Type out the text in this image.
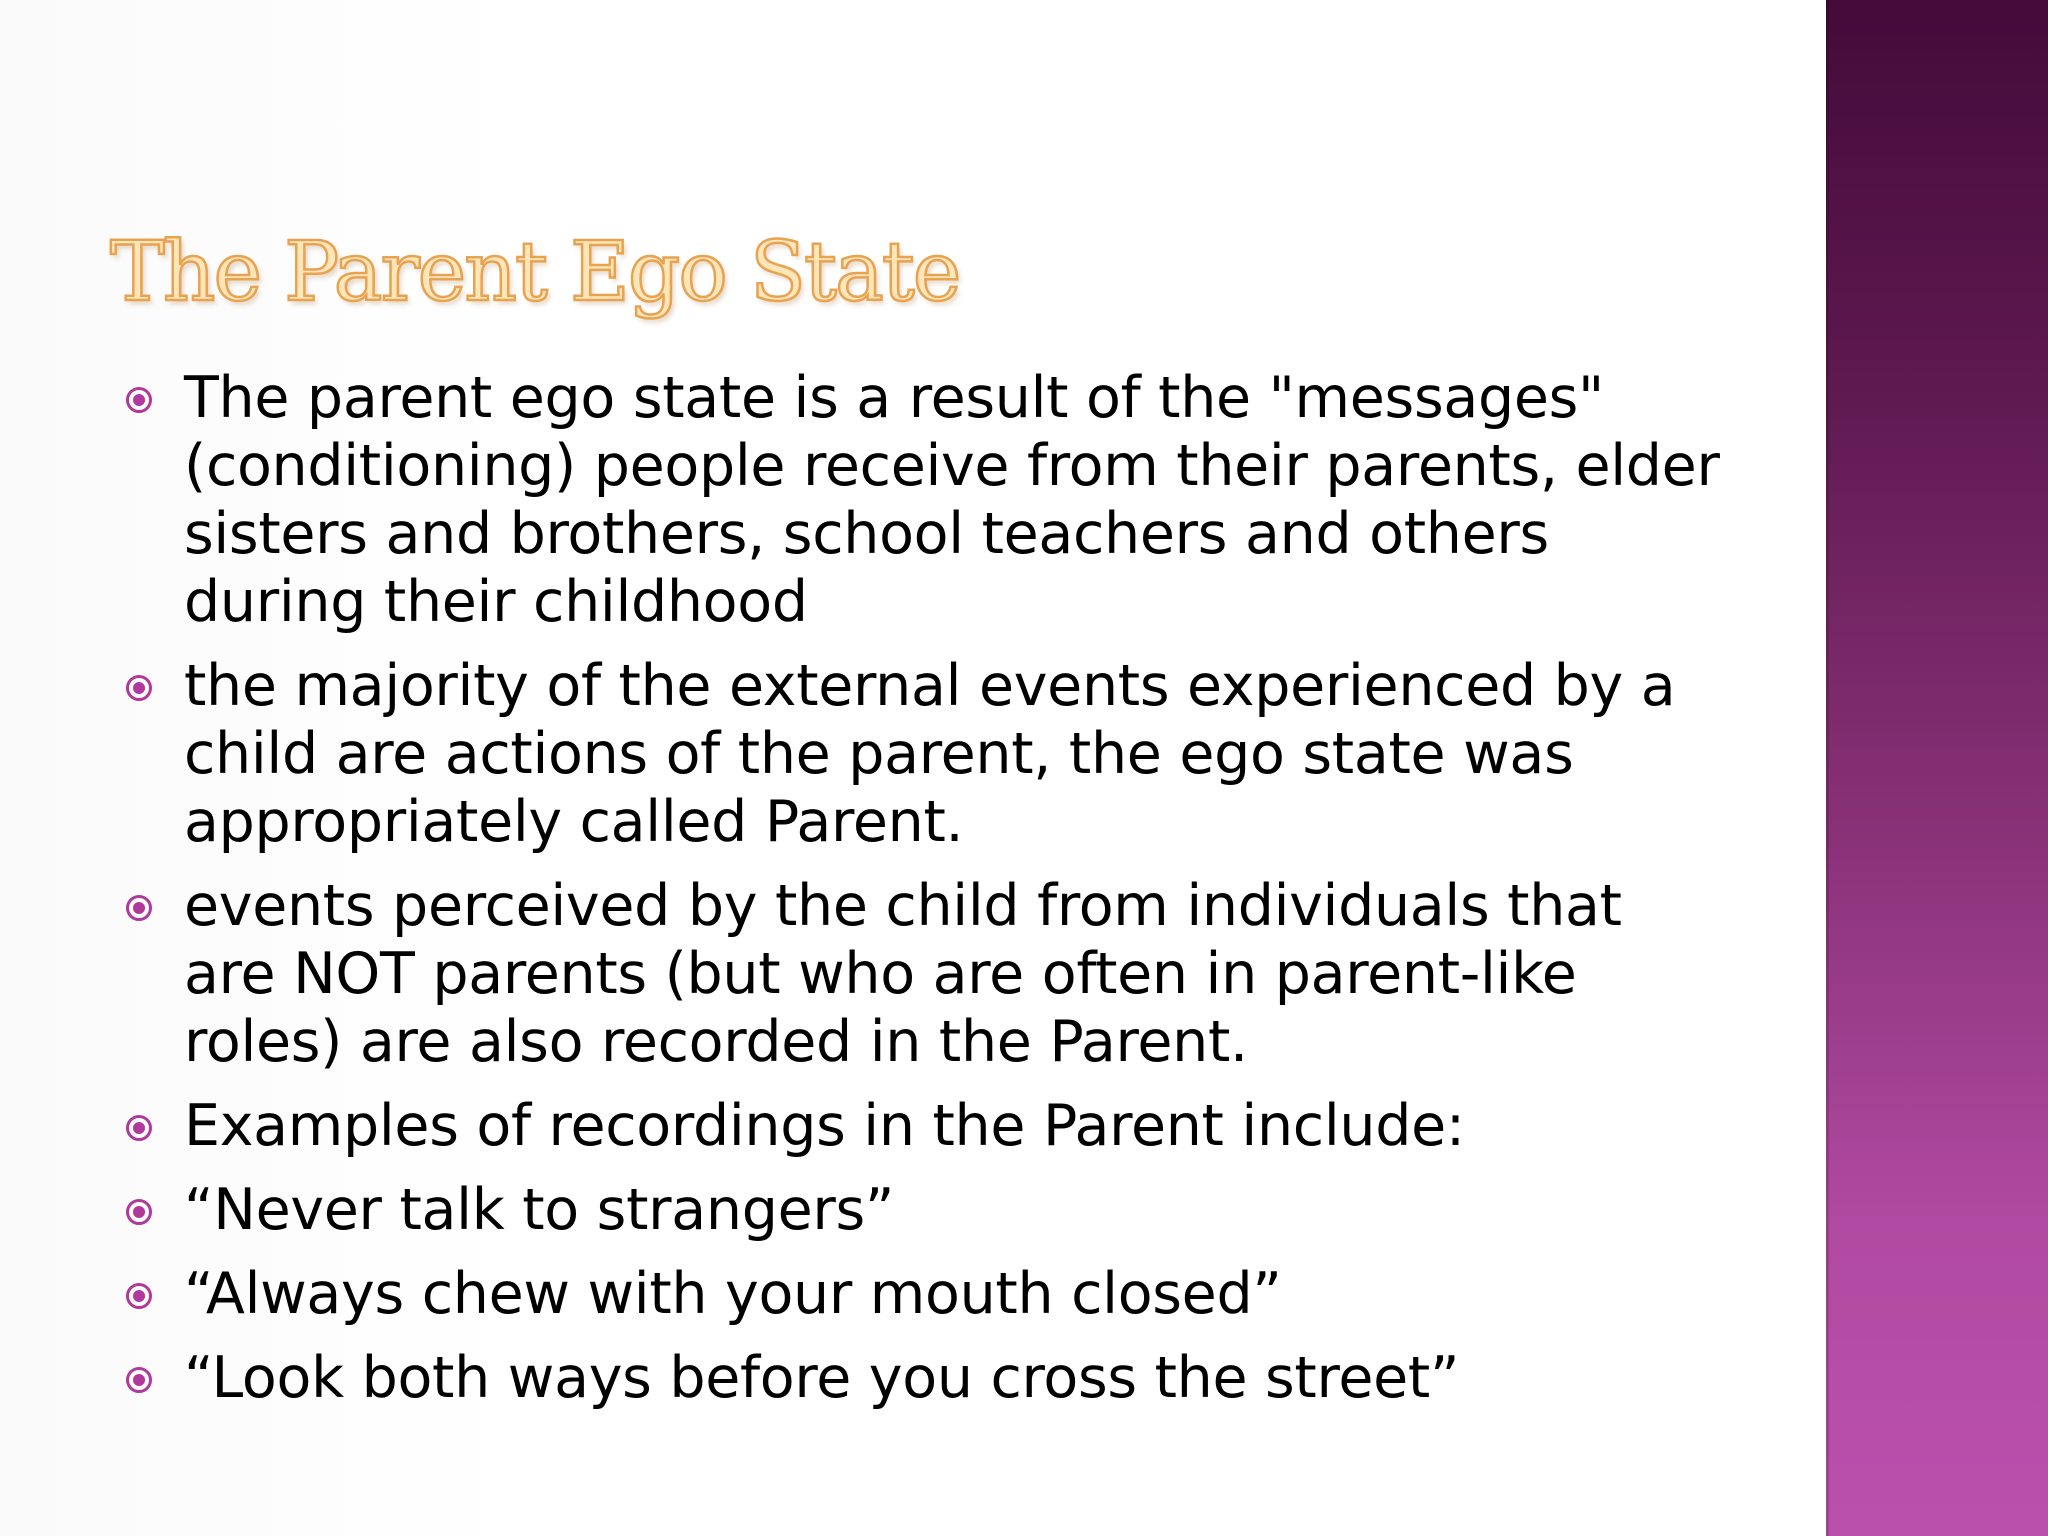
The Parent Ego State
The parent ego state is a result of the "messages" (conditioning) people receive from their parents, elder sisters and brothers, school teachers and others during their childhood
the majority of the external events experienced by a child are actions of the parent, the ego state was appropriately called Parent.
events perceived by the child from individuals that are NOT parents (but who are often in parent-like roles) are also recorded in the Parent.
Examples of recordings in the Parent include:
“Never talk to strangers”
“Always chew with your mouth closed”
“Look both ways before you cross the street”
